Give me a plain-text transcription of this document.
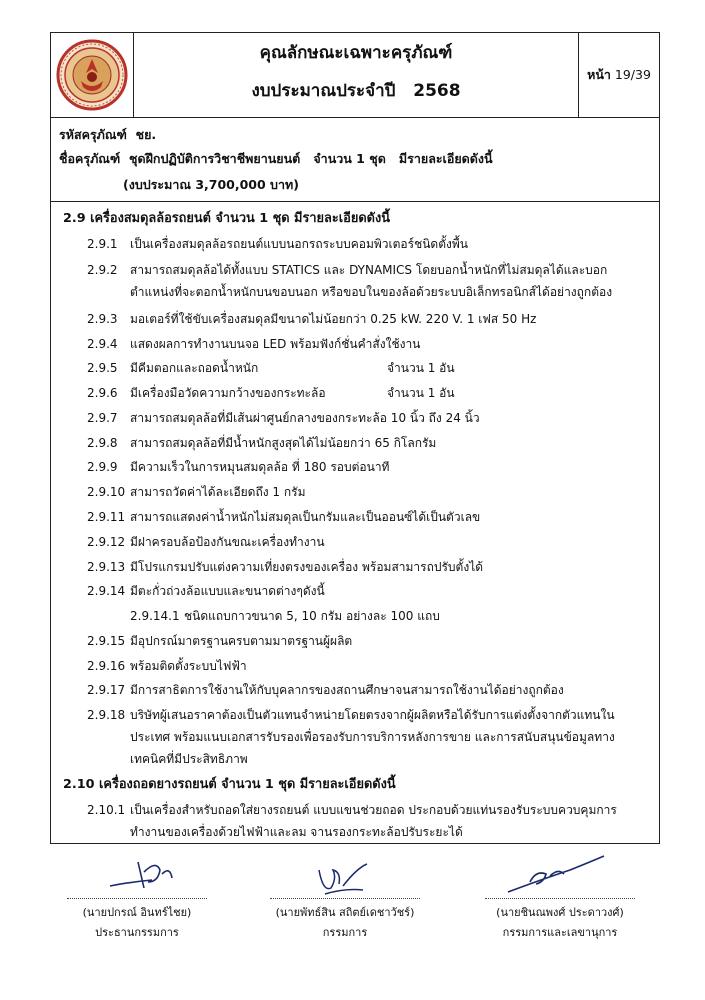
คุณลักษณะเฉพาะครุภัณฑ์
งบประมาณประจำปี 2568
หน้า 19/39
รหัสครุภัณฑ์ ชย.
ชื่อครุภัณฑ์ ชุดฝึกปฏิบัติการวิชาชีพยานยนต์ จำนวน 1 ชุด มีรายละเอียดดังนี้
(งบประมาณ 3,700,000 บาท)
2.9 เครื่องสมดุลล้อรถยนต์ จำนวน 1 ชุด มีรายละเอียดดังนี้
2.9.1 เป็นเครื่องสมดุลล้อรถยนต์แบบนอกรถระบบคอมพิวเตอร์ชนิดตั้งพื้น
2.9.2 สามารถสมดุลล้อได้ทั้งแบบ STATICS และ DYNAMICS โดยบอกน้ำหนักที่ไม่สมดุลได้และบอกตำแหน่งที่จะตอกน้ำหนักบนขอบนอก หรือขอบในของล้อด้วยระบบอิเล็กทรอนิกส์ได้อย่างถูกต้อง
2.9.3 มอเตอร์ที่ใช้ขับเครื่องสมดุลมีขนาดไม่น้อยกว่า 0.25 kW. 220 V. 1 เฟส 50 Hz
2.9.4 แสดงผลการทำงานบนจอ LED พร้อมฟังก์ชั่นคำสั่งใช้งาน
2.9.5 มีคีมตอกและถอดน้ำหนัก	จำนวน 1 อัน
2.9.6 มีเครื่องมือวัดความกว้างของกระทะล้อ	จำนวน 1 อัน
2.9.7 สามารถสมดุลล้อที่มีเส้นผ่าศูนย์กลางของกระทะล้อ 10 นิ้ว ถึง 24 นิ้ว
2.9.8 สามารถสมดุลล้อที่มีน้ำหนักสูงสุดได้ไม่น้อยกว่า 65 กิโลกรัม
2.9.9 มีความเร็วในการหมุนสมดุลล้อ ที่ 180 รอบต่อนาที
2.9.10 สามารถวัดค่าได้ละเอียดถึง 1 กรัม
2.9.11 สามารถแสดงค่าน้ำหนักไม่สมดุลเป็นกรัมและเป็นออนซ์ได้เป็นตัวเลข
2.9.12 มีฝาครอบล้อป้องกันขณะเครื่องทำงาน
2.9.13 มีโปรแกรมปรับแต่งความเที่ยงตรงของเครื่อง พร้อมสามารถปรับตั้งได้
2.9.14 มีตะกั่วถ่วงล้อแบบและขนาดต่างๆดังนี้
2.9.14.1 ชนิดแถบกาวขนาด 5, 10 กรัม อย่างละ 100 แถบ
2.9.15 มีอุปกรณ์มาตรฐานครบตามมาตรฐานผู้ผลิต
2.9.16 พร้อมติดตั้งระบบไฟฟ้า
2.9.17 มีการสาธิตการใช้งานให้กับบุคลากรของสถานศึกษาจนสามารถใช้งานได้อย่างถูกต้อง
2.9.18 บริษัทผู้เสนอราคาต้องเป็นตัวแทนจำหน่ายโดยตรงจากผู้ผลิตหรือได้รับการแต่งตั้งจากตัวแทนในประเทศ พร้อมแนบเอกสารรับรองเพื่อรองรับการบริการหลังการขาย และการสนับสนุนข้อมูลทางเทคนิคที่มีประสิทธิภาพ
2.10 เครื่องถอดยางรถยนต์ จำนวน 1 ชุด มีรายละเอียดดังนี้
2.10.1 เป็นเครื่องสำหรับถอดใส่ยางรถยนต์ แบบแขนช่วยถอด ประกอบด้วยแท่นรองรับระบบควบคุมการทำงานของเครื่องด้วยไฟฟ้าและลม จานรองกระทะล้อปรับระยะได้
(นายปกรณ์ อินทร์ไชย)
ประธานกรรมการ
(นายพัทธ์สิน สถิตย์เดชาวัชร์)
กรรมการ
(นายชินณพงศ์ ประดาวงศ์)
กรรมการและเลขานุการ
